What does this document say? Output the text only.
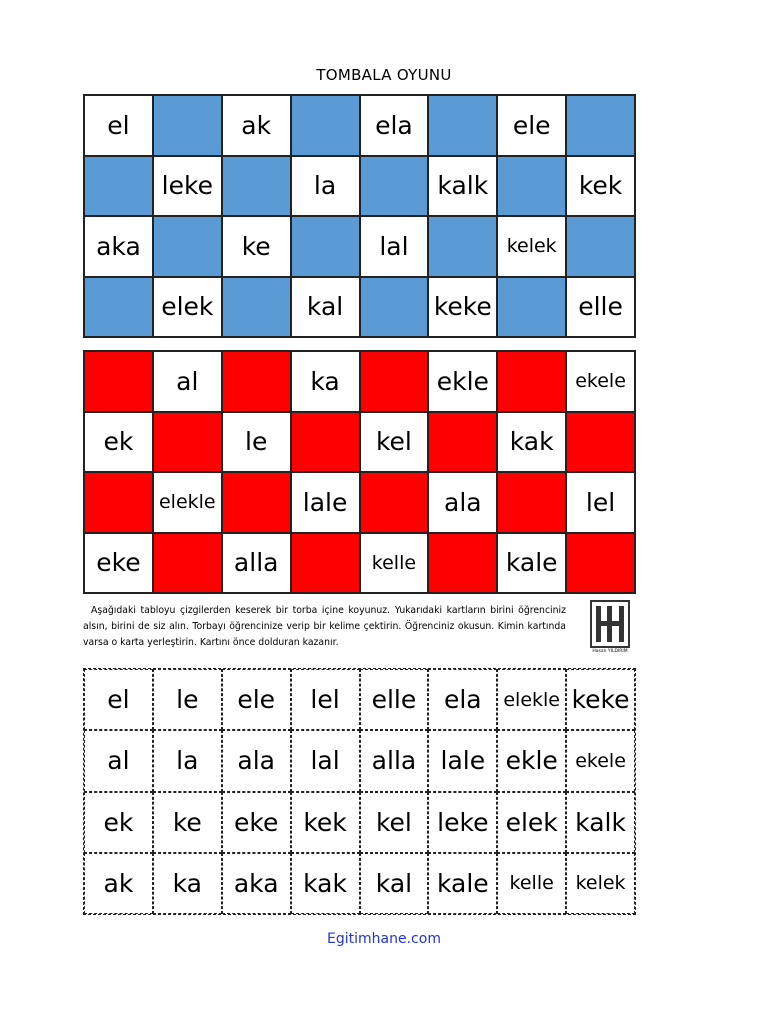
TOMBALA OYUNU
el	ak	ela	ele
leke	la	kalk	kek
aka	ke	lal	kelek
elek	kal	keke	elle
al	ka	ekle	ekele
ek	le	kel	kak
elekle	lale	ala	lel
eke	alla	kelle	kale
Aşağıdaki tabloyu çizgilerden keserek bir torba içine koyunuz. Yukarıdaki kartların birini öğrenciniz alsın, birini de siz alın. Torbayı öğrencinize verip bir kelime çektirin. Öğrenciniz okusun. Kimin kartında varsa o karta yerleştirin. Kartını önce dolduran kazanır.
Hasan YILDIRIM
el	le	ele	lel	elle	ela	elekle keke
al	la	ala	lal	alla lale ekle ekele
ek	ke	eke kek	kel	leke elek kalk
ak	ka	aka kak	kal kale	kelle	kelek
Egitimhane.com
